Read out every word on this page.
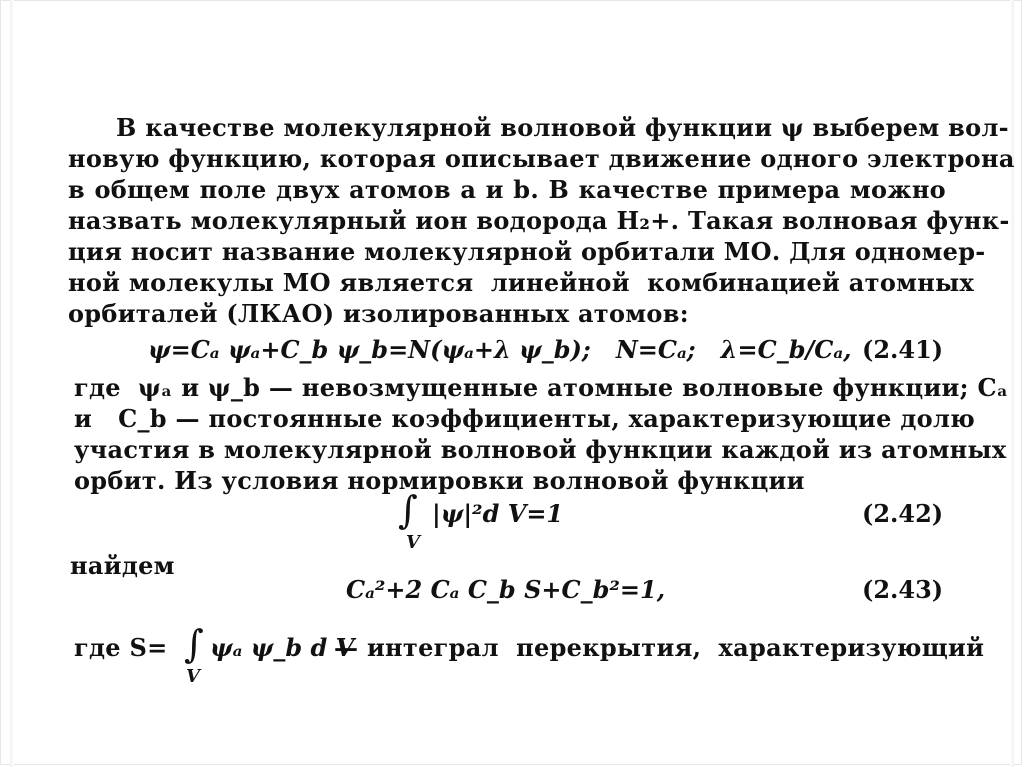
В качестве молекулярной волновой функции ψ выберем вол-
новую функцию, которая описывает движение одного электрона
в общем поле двух атомов a и b. В качестве примера можно
назвать молекулярный ион водорода H₂+. Такая волновая функ-
ция носит название молекулярной орбитали МО. Для одномер-
ной молекулы МО является  линейной  комбинацией атомных
орбиталей (ЛКАО) изолированных атомов:
ψ=Cₐ ψₐ+C_b ψ_b=N(ψₐ+λ ψ_b);   N=Cₐ;   λ=C_b/Cₐ, (2.41)
где  ψₐ и ψ_b — невозмущенные атомные волновые функции; Cₐ
и   C_b — постоянные коэффициенты, характеризующие долю
участия в молекулярной волновой функции каждой из атомных
орбит. Из условия нормировки волновой функции
∫
V
|ψ|²d V=1	(2.42)
найдем
Cₐ²+2 Cₐ C_b S+C_b²=1,	(2.43)
где S= ∫
V
ψₐ ψ_b d V
— интеграл  перекрытия,  характеризующий
